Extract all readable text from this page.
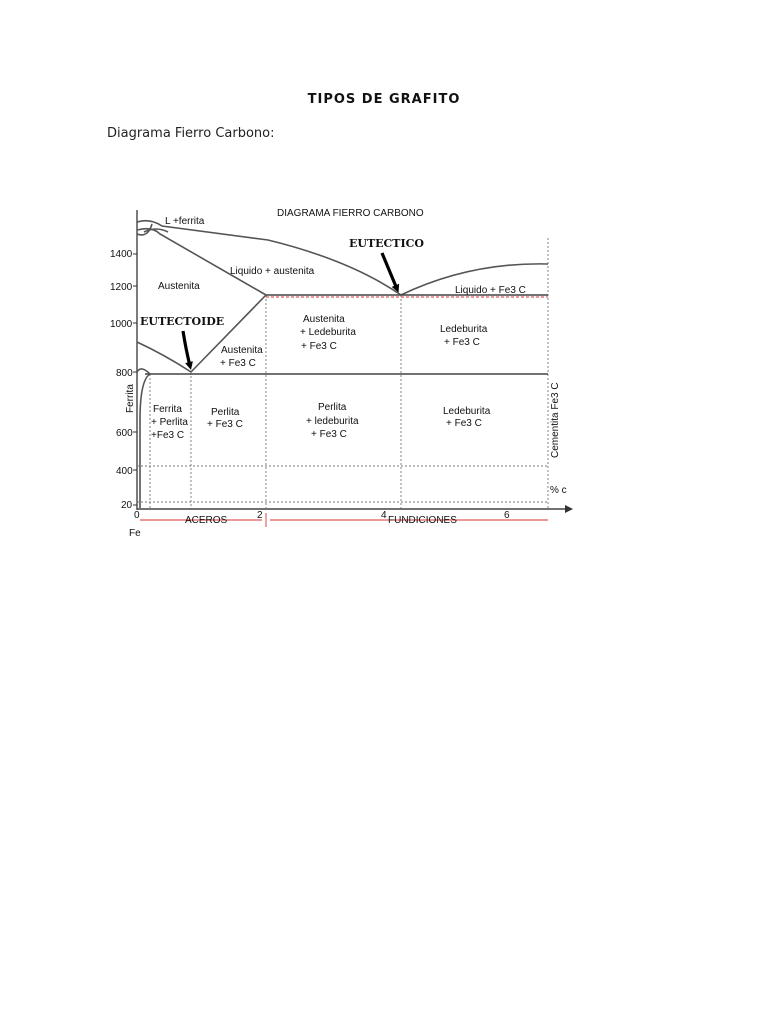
TIPOS DE GRAFITO
Diagrama Fierro Carbono:
1400
1200
1000
800
600
400
20
0	2	4	6
Fe
% c
DIAGRAMA FIERRO CARBONO
L +ferrita
Austenita
Liquido + austenita
Liquido + Fe3 C
Austenita
+ Ledeburita
+ Fe3 C
Ledeburita
+ Fe3 C
Austenita
+ Fe3 C
Ferrita
+ Perlita
+Fe3 C
Perlita
+ Fe3 C
Perlita
+ ledeburita
+ Fe3 C
Ledeburita
+ Fe3 C
Ferrita	Cementita Fe3 C
EUTECTICO
EUTECTOIDE
ACEROS	FUNDICIONES
